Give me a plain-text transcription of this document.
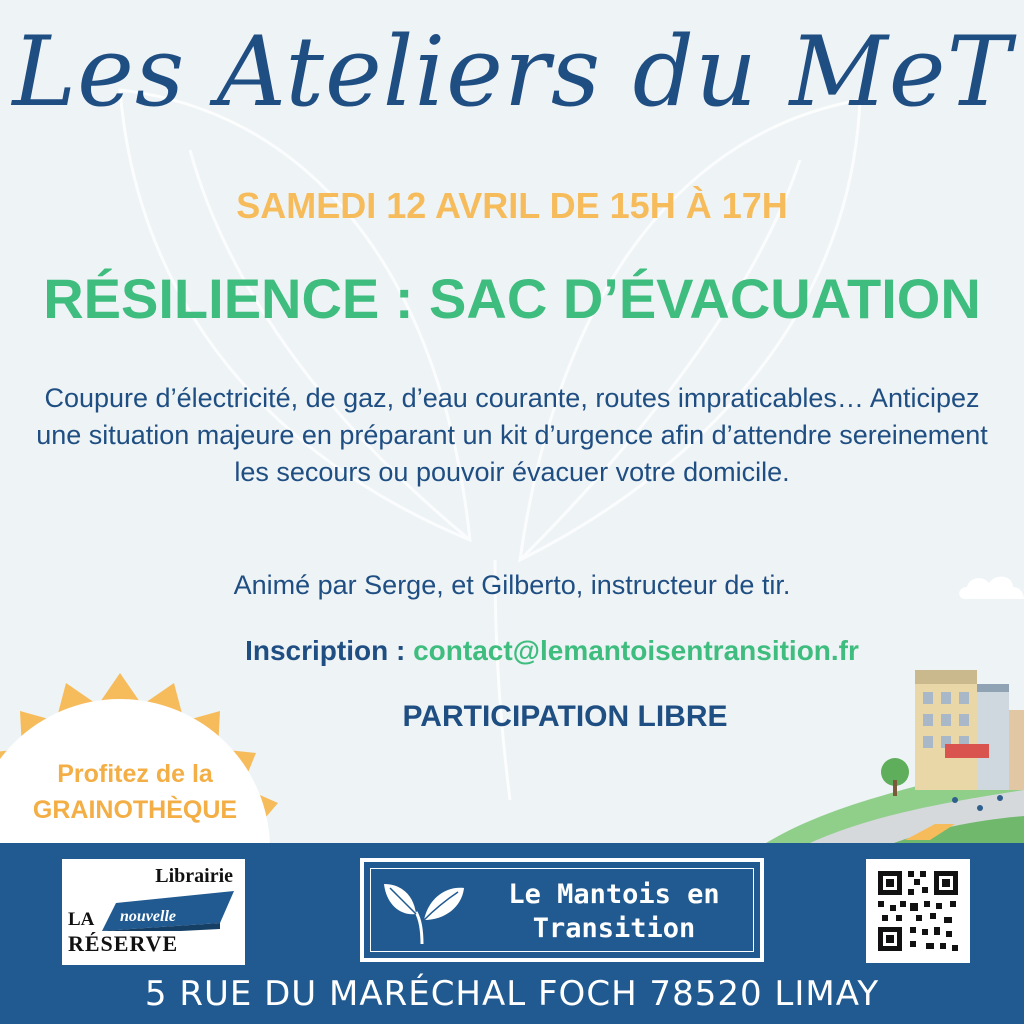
Les Ateliers du MeT
SAMEDI 12 AVRIL DE 15H À 17H
RÉSILIENCE : SAC D’ÉVACUATION

Coupure d’électricité, de gaz, d’eau courante, routes impraticables… Anticipez une situation majeure en préparant un kit d’urgence afin d’attendre sereinement les secours ou pouvoir évacuer votre domicile.

Animé par Serge, et Gilberto, instructeur de tir.
Inscription : contact@lemantoisentransition.fr
PARTICIPATION LIBRE
Profitez de la
GRAINOTHÈQUE
Librairie
LA nouvelle
RÉSERVE

Le Mantois en
Transition

5 RUE DU MARÉCHAL FOCH 78520 LIMAY
